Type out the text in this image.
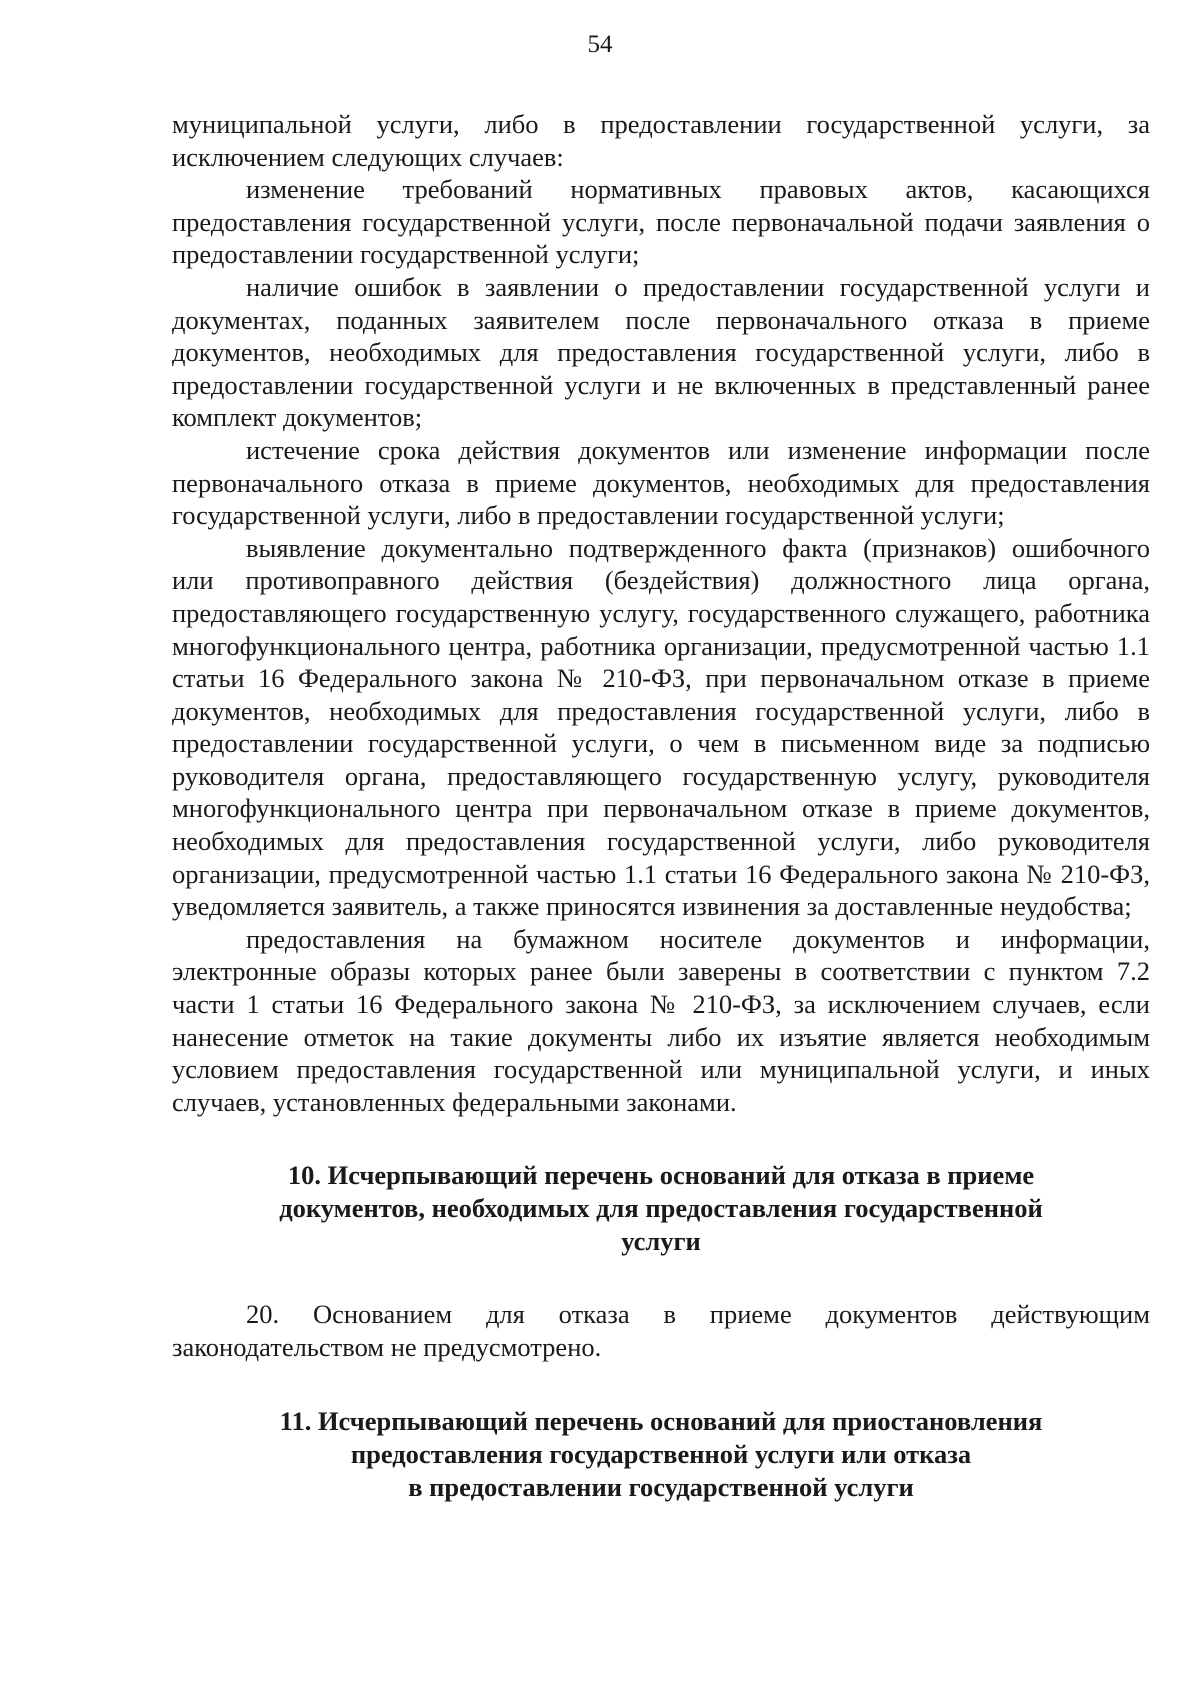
54

муниципальной услуги, либо в предоставлении государственной услуги, за исключением следующих случаев:

изменение требований нормативных правовых актов, касающихся предоставления государственной услуги, после первоначальной подачи заявления о предоставлении государственной услуги;

наличие ошибок в заявлении о предоставлении государственной услуги и документах, поданных заявителем после первоначального отказа в приеме документов, необходимых для предоставления государственной услуги, либо в предоставлении государственной услуги и не включенных в представленный ранее комплект документов;

истечение срока действия документов или изменение информации после первоначального отказа в приеме документов, необходимых для предоставления государственной услуги, либо в предоставлении государственной услуги;

выявление документально подтвержденного факта (признаков) ошибочного или противоправного действия (бездействия) должностного лица органа, предоставляющего государственную услугу, государственного служащего, работника многофункционального центра, работника организации, предусмотренной частью 1.1 статьи 16 Федерального закона № 210-ФЗ, при первоначальном отказе в приеме документов, необходимых для предоставления государственной услуги, либо в предоставлении государственной услуги, о чем в письменном виде за подписью руководителя органа, предоставляющего государственную услугу, руководителя многофункционального центра при первоначальном отказе в приеме документов, необходимых для предоставления государственной услуги, либо руководителя организации, предусмотренной частью 1.1 статьи 16 Федерального закона № 210-ФЗ, уведомляется заявитель, а также приносятся извинения за доставленные неудобства;

предоставления на бумажном носителе документов и информации, электронные образы которых ранее были заверены в соответствии с пунктом 7.2 части 1 статьи 16 Федерального закона № 210-ФЗ, за исключением случаев, если нанесение отметок на такие документы либо их изъятие является необходимым условием предоставления государственной или муниципальной услуги, и иных случаев, установленных федеральными законами.

10. Исчерпывающий перечень оснований для отказа в приеме
документов, необходимых для предоставления государственной
услуги

20. Основанием для отказа в приеме документов действующим законодательством не предусмотрено.

11. Исчерпывающий перечень оснований для приостановления
предоставления государственной услуги или отказа
в предоставлении государственной услуги
